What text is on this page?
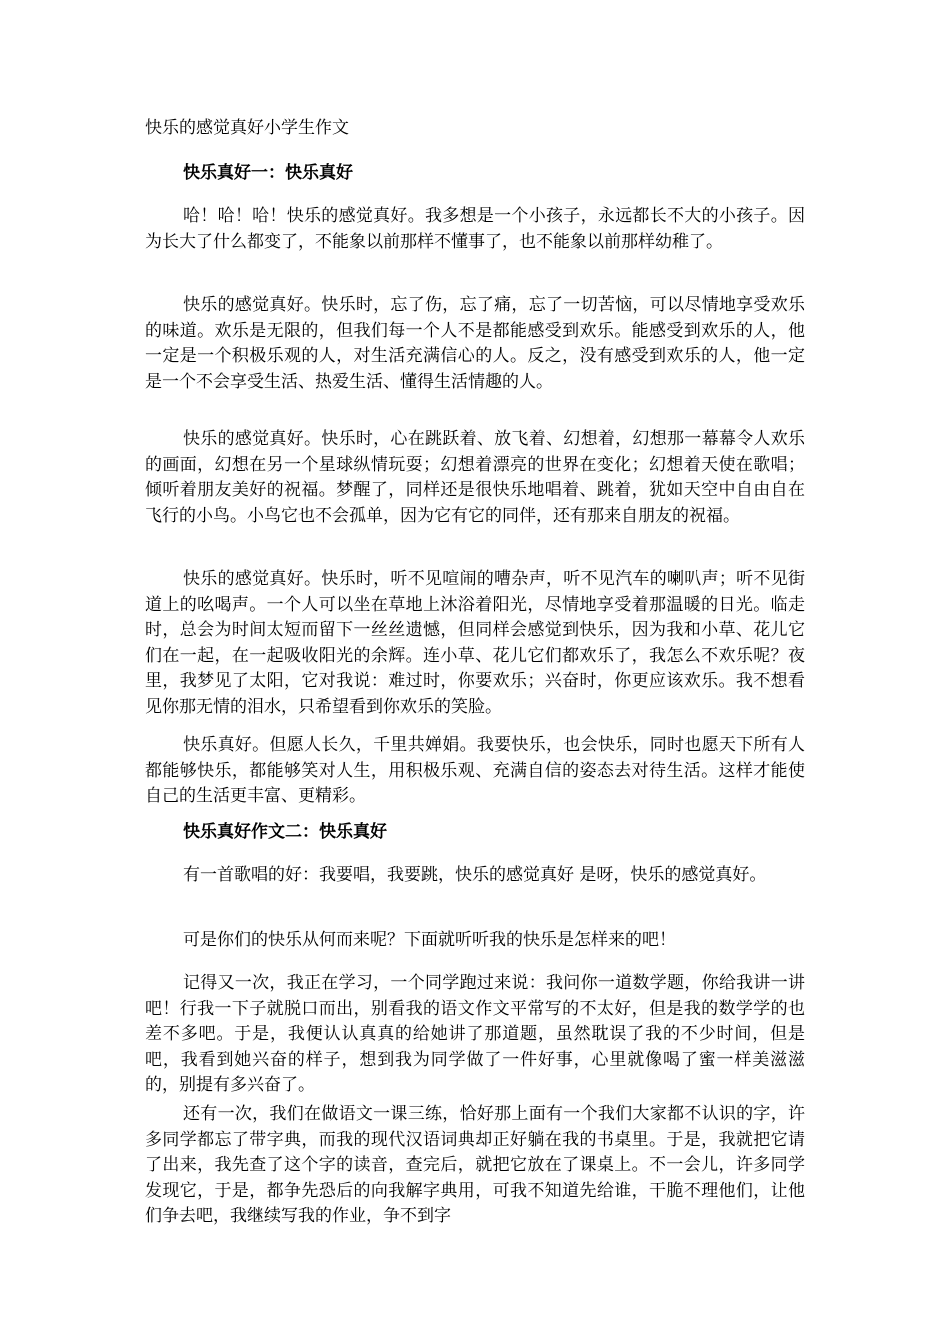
快乐的感觉真好小学生作文
快乐真好一：快乐真好

哈！哈！哈！快乐的感觉真好。我多想是一个小孩子，永远都长不大的小孩子。因为长大了什么都变了，不能象以前那样不懂事了，也不能象以前那样幼稚了。

快乐的感觉真好。快乐时，忘了伤，忘了痛，忘了一切苦恼，可以尽情地享受欢乐的味道。欢乐是无限的，但我们每一个人不是都能感受到欢乐。能感受到欢乐的人，他一定是一个积极乐观的人，对生活充满信心的人。反之，没有感受到欢乐的人，他一定是一个不会享受生活、热爱生活、懂得生活情趣的人。

快乐的感觉真好。快乐时，心在跳跃着、放飞着、幻想着，幻想那一幕幕令人欢乐的画面，幻想在另一个星球纵情玩耍；幻想着漂亮的世界在变化；幻想着天使在歌唱；倾听着朋友美好的祝福。梦醒了，同样还是很快乐地唱着、跳着，犹如天空中自由自在飞行的小鸟。小鸟它也不会孤单，因为它有它的同伴，还有那来自朋友的祝福。

快乐的感觉真好。快乐时，听不见喧闹的嘈杂声，听不见汽车的喇叭声；听不见街道上的吆喝声。一个人可以坐在草地上沐浴着阳光，尽情地享受着那温暖的日光。临走时，总会为时间太短而留下一丝丝遗憾，但同样会感觉到快乐，因为我和小草、花儿它们在一起，在一起吸收阳光的余辉。连小草、花儿它们都欢乐了，我怎么不欢乐呢？夜里，我梦见了太阳，它对我说：难过时，你要欢乐；兴奋时，你更应该欢乐。我不想看见你那无情的泪水，只希望看到你欢乐的笑脸。

快乐真好。但愿人长久，千里共婵娟。我要快乐，也会快乐，同时也愿天下所有人都能够快乐，都能够笑对人生，用积极乐观、充满自信的姿态去对待生活。这样才能使自己的生活更丰富、更精彩。

快乐真好作文二：快乐真好

有一首歌唱的好：我要唱，我要跳，快乐的感觉真好 是呀，快乐的感觉真好。

可是你们的快乐从何而来呢？下面就听听我的快乐是怎样来的吧！

记得又一次，我正在学习，一个同学跑过来说：我问你一道数学题，你给我讲一讲吧！行我一下子就脱口而出，别看我的语文作文平常写的不太好，但是我的数学学的也差不多吧。于是，我便认认真真的给她讲了那道题，虽然耽误了我的不少时间，但是吧，我看到她兴奋的样子，想到我为同学做了一件好事，心里就像喝了蜜一样美滋滋的，别提有多兴奋了。

还有一次，我们在做语文一课三练，恰好那上面有一个我们大家都不认识的字，许多同学都忘了带字典，而我的现代汉语词典却正好躺在我的书桌里。于是，我就把它请了出来，我先查了这个字的读音，查完后，就把它放在了课桌上。不一会儿，许多同学发现它，于是，都争先恐后的向我解字典用，可我不知道先给谁，干脆不理他们，让他们争去吧，我继续写我的作业，争不到字
